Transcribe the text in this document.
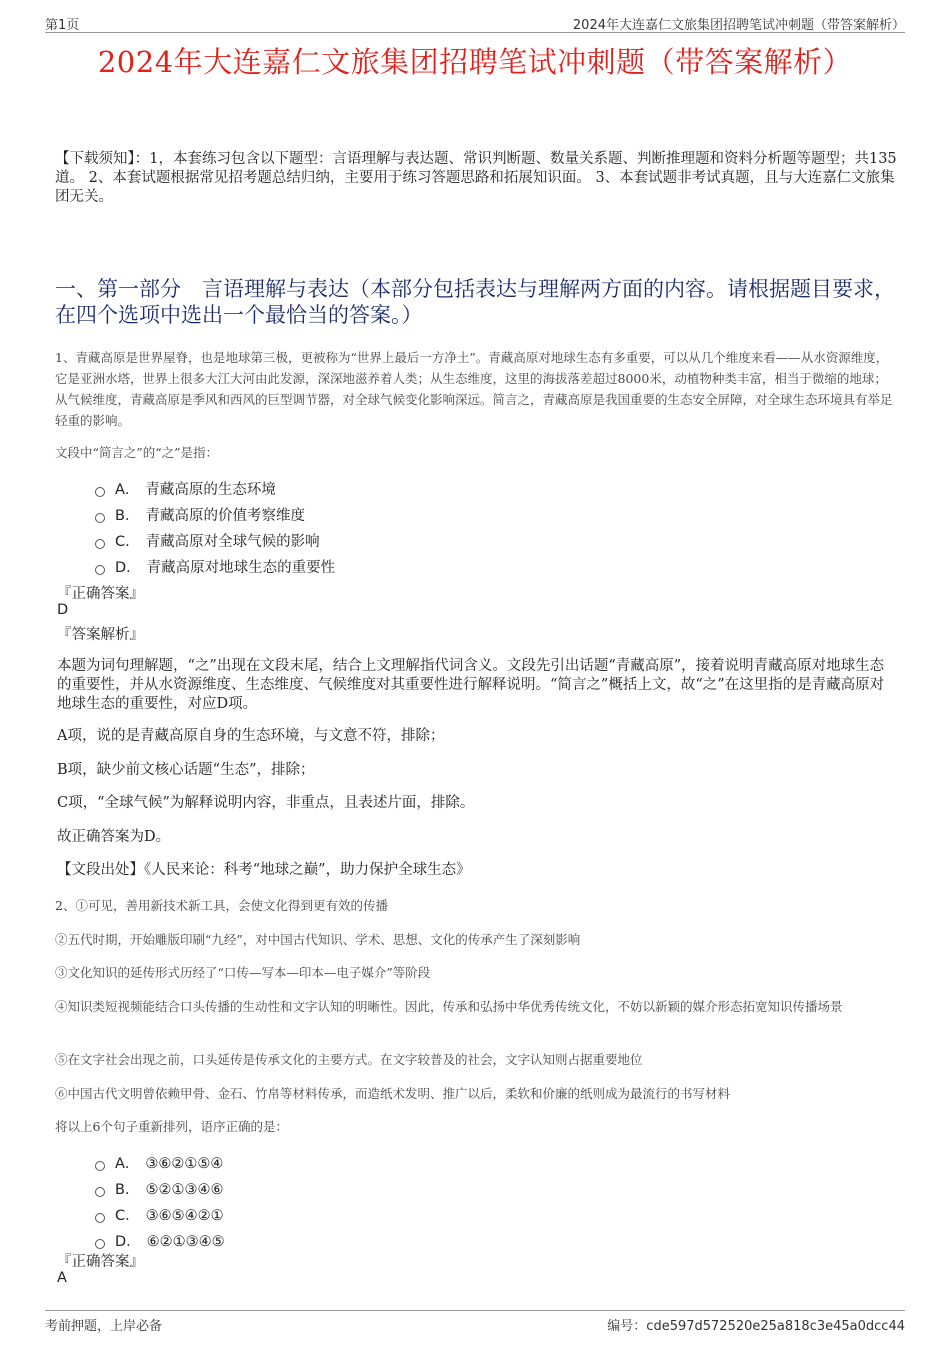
第1页	2024年大连嘉仁文旅集团招聘笔试冲刺题（带答案解析）
2024年大连嘉仁文旅集团招聘笔试冲刺题（带答案解析）
【下载须知】：1，本套练习包含以下题型：言语理解与表达题、常识判断题、数量关系题、判断推理题和资料分析题等题型；共135道。 2、本套试题根据常见招考题总结归纳，主要用于练习答题思路和拓展知识面。 3、本套试题非考试真题，且与大连嘉仁文旅集团无关。
一、第一部分　言语理解与表达（本部分包括表达与理解两方面的内容。请根据题目要求，在四个选项中选出一个最恰当的答案。）
1、青藏高原是世界屋脊，也是地球第三极，更被称为“世界上最后一方净土”。青藏高原对地球生态有多重要，可以从几个维度来看——从水资源维度，它是亚洲水塔，世界上很多大江大河由此发源，深深地滋养着人类；从生态维度，这里的海拔落差超过8000米，动植物种类丰富，相当于微缩的地球；从气候维度，青藏高原是季风和西风的巨型调节器，对全球气候变化影响深远。简言之，青藏高原是我国重要的生态安全屏障，对全球生态环境具有举足轻重的影响。
文段中“简言之”的“之”是指：
A． 青藏高原的生态环境
B． 青藏高原的价值考察维度
C． 青藏高原对全球气候的影响
D． 青藏高原对地球生态的重要性
『正确答案』
D
『答案解析』
本题为词句理解题，“之”出现在文段末尾，结合上文理解指代词含义。文段先引出话题“青藏高原”，接着说明青藏高原对地球生态的重要性，并从水资源维度、生态维度、气候维度对其重要性进行解释说明。“简言之”概括上文，故“之”在这里指的是青藏高原对地球生态的重要性，对应D项。
A项，说的是青藏高原自身的生态环境，与文意不符，排除；
B项，缺少前文核心话题“生态”，排除；
C项，“全球气候”为解释说明内容，非重点，且表述片面，排除。
故正确答案为D。
【文段出处】《人民来论：科考“地球之巅”，助力保护全球生态》
2、①可见，善用新技术新工具，会使文化得到更有效的传播
②五代时期，开始雕版印刷“九经”，对中国古代知识、学术、思想、文化的传承产生了深刻影响
③文化知识的延传形式历经了“口传—写本—印本—电子媒介”等阶段
④知识类短视频能结合口头传播的生动性和文字认知的明晰性。因此，传承和弘扬中华优秀传统文化，不妨以新颖的媒介形态拓宽知识传播场景
⑤在文字社会出现之前，口头延传是传承文化的主要方式。在文字较普及的社会，文字认知则占据重要地位
⑥中国古代文明曾依赖甲骨、金石、竹帛等材料传承，而造纸术发明、推广以后，柔软和价廉的纸则成为最流行的书写材料
将以上6个句子重新排列，语序正确的是：
A． ③⑥②①⑤④
B． ⑤②①③④⑥
C． ③⑥⑤④②①
D． ⑥②①③④⑤
『正确答案』
A
考前押题，上岸必备	编号：cde597d572520e25a818c3e45a0dcc44
